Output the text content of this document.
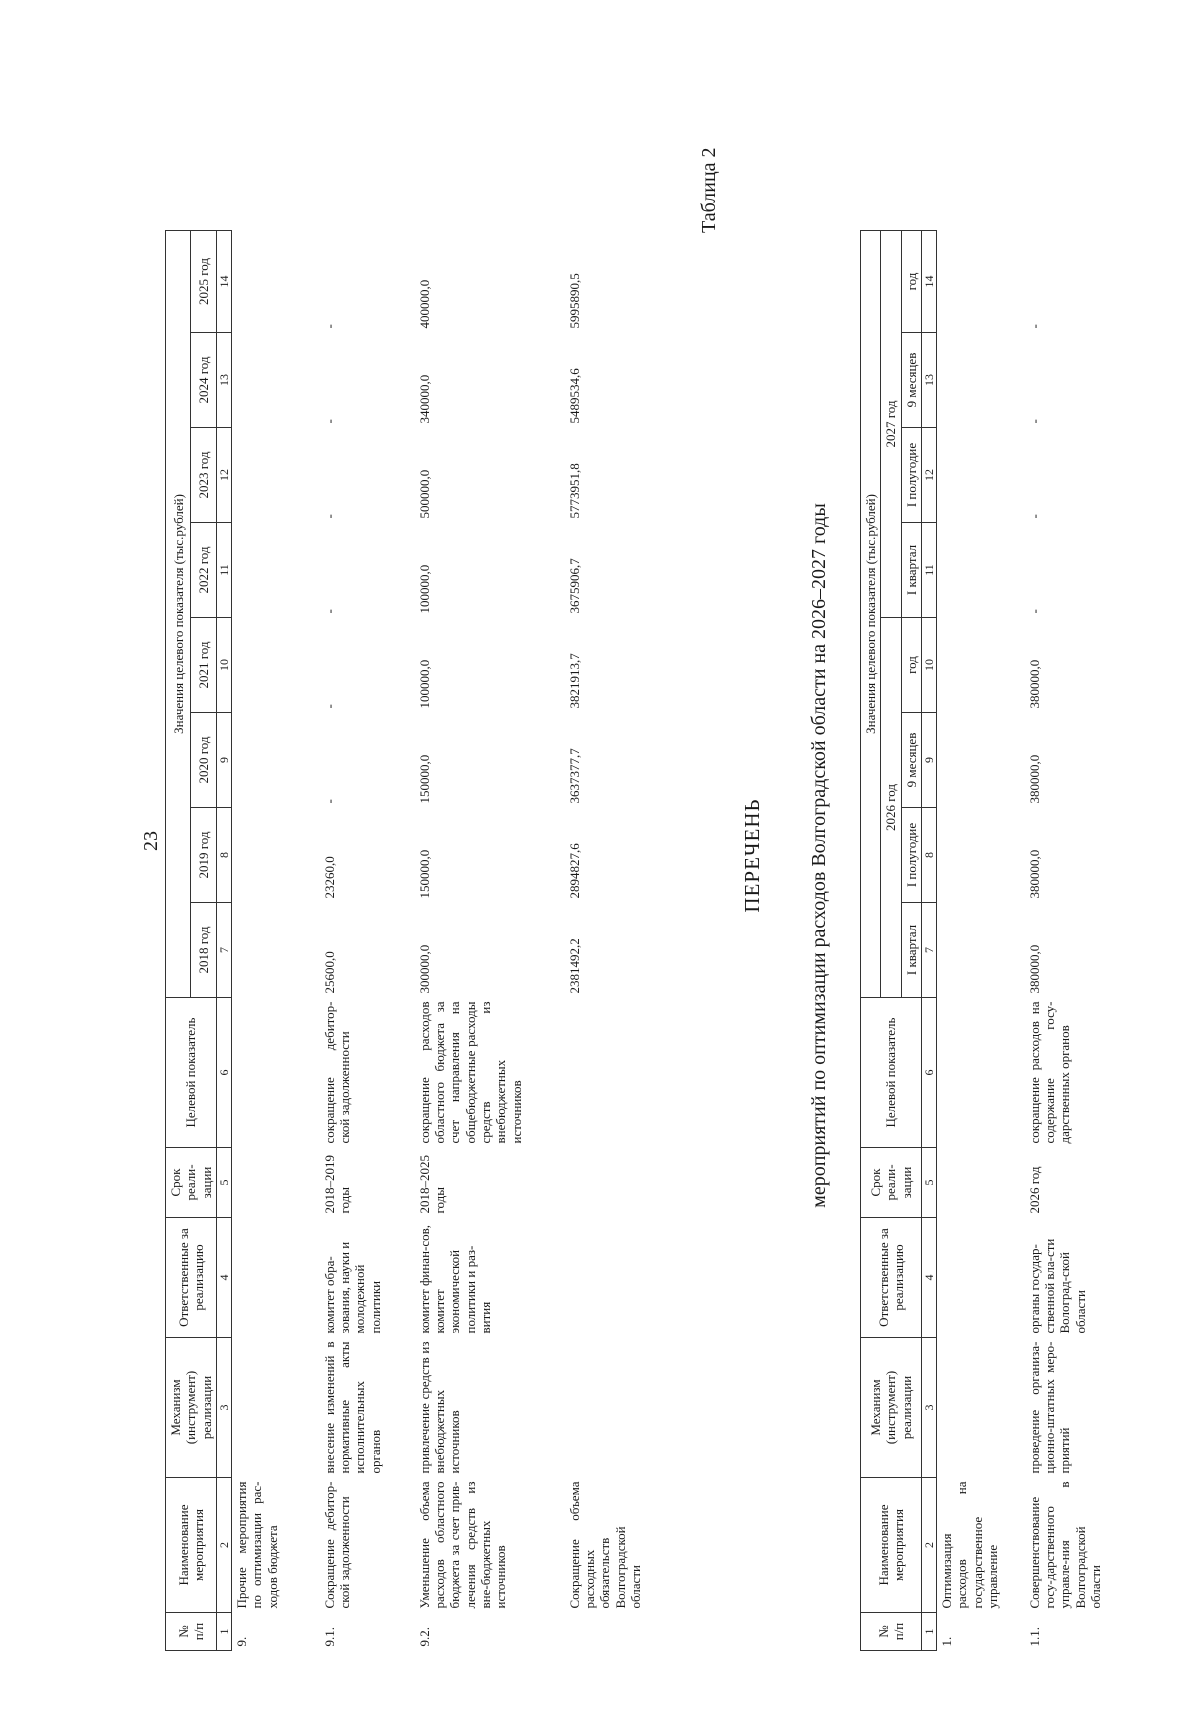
23
№
п/п	Наименование мероприятия	Механизм (инструмент) реализации	Ответственные за реализацию	Срок реали-зации	Целевой показатель	Значения целевого показателя (тыс.рублей)							
						2018 год	2019 год	2020 год	2021 год	2022 год	2023 год	2024 год	2025 год
1	2	3	4	5	6	7	8	9	10	11	12	13	14
9.	Прочие мероприятия по оптимизации рас-ходов бюджета												
9.1.	Сокращение дебитор-ской задолженности	внесение изменений в нормативные акты исполнительных органов	комитет обра-зования, науки и молодежной политики	2018–2019 годы	сокращение дебитор-ской задолженности	25600,0	23260,0	-	-	-	-	-	-
9.2.	Уменьшение объема расходов областного бюджета за счет прив-лечения средств из вне-бюджетных источников	привлечение средств из внебюджетных источников	комитет финан-сов, комитет экономической политики и раз-вития	2018–2025 годы	сокращение расходов областного бюджета за счет направления на общебюджетные расходы средств из внебюджетных источников	300000,0	150000,0	150000,0	100000,0	100000,0	500000,0	340000,0	400000,0
	Сокращение объема расходных обязательств Волгоградской области					2381492,2	2894827,6	3637377,7	3821913,7	3675906,7	5773951,8	5489534,6	5995890,5
Таблица 2
ПЕРЕЧЕНЬ мероприятий по оптимизации расходов Волгоградской области на 2026–2027 годы
№
п/п	Наименование мероприятия	Механизм (инструмент) реализации	Ответственные за реализацию	Срок реали-зации	Целевой показатель	Значения целевого показателя (тыс.рублей)							
						2026 год				2027 год			
						I квартал	I полугодие	9 месяцев	год	I квартал	I полугодие	9 месяцев	год
1	2	3	4	5	6	7	8	9	10	11	12	13	14
1.	Оптимизация расходов на государственное управление												
1.1.	Совершенствование госу-дарственного управле-ния в Волгоградской области	проведение организа-ционно-штатных меро-приятий	органы государ-ственной вла-сти Волоград-ской области	2026 год	сокращение расходов на содержание госу-дарственных органов	380000,0	380000,0	380000,0	380000,0	-	-	-	-
